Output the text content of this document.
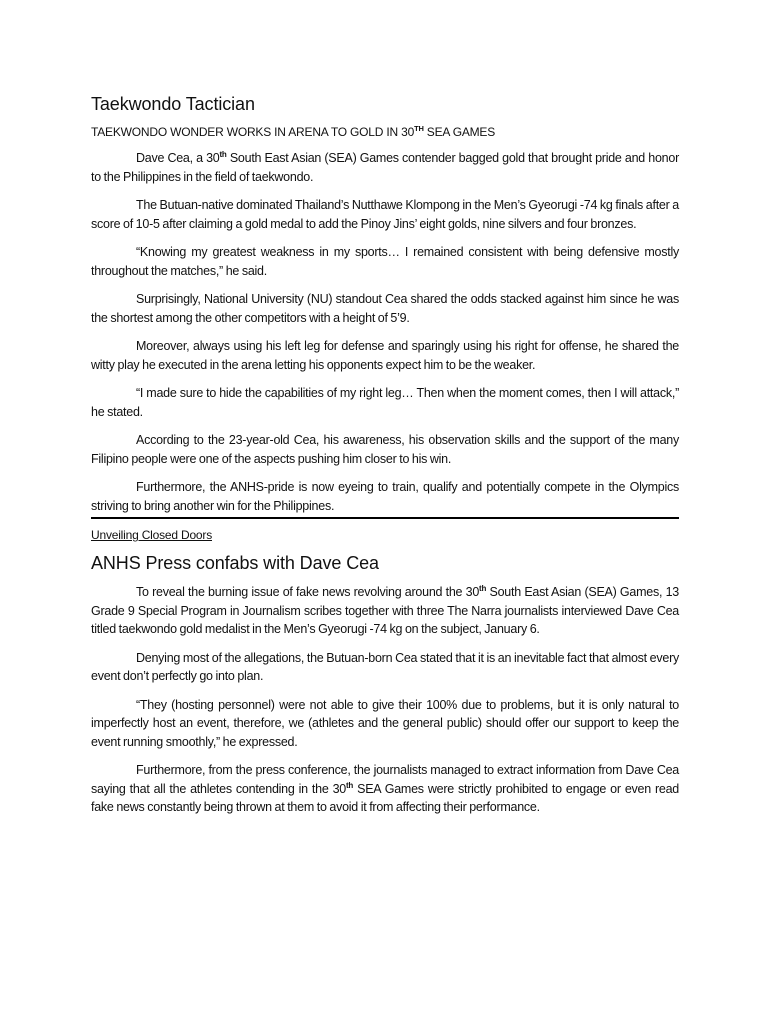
Taekwondo Tactician

TAEKWONDO WONDER WORKS IN ARENA TO GOLD IN 30TH SEA GAMES

Dave Cea, a 30th South East Asian (SEA) Games contender bagged gold that brought pride and honor to the Philippines in the field of taekwondo.

The Butuan-native dominated Thailand’s Nutthawe Klompong in the Men’s Gyeorugi -74 kg finals after a score of 10-5 after claiming a gold medal to add the Pinoy Jins’ eight golds, nine silvers and four bronzes.

“Knowing my greatest weakness in my sports… I remained consistent with being defensive mostly throughout the matches,” he said.

Surprisingly, National University (NU) standout Cea shared the odds stacked against him since he was the shortest among the other competitors with a height of 5’9.

Moreover, always using his left leg for defense and sparingly using his right for offense, he shared the witty play he executed in the arena letting his opponents expect him to be the weaker.

“I made sure to hide the capabilities of my right leg… Then when the moment comes, then I will attack,” he stated.

According to the 23-year-old Cea, his awareness, his observation skills and the support of the many Filipino people were one of the aspects pushing him closer to his win.

Furthermore, the ANHS-pride is now eyeing to train, qualify and potentially compete in the Olympics striving to bring another win for the Philippines.

Unveiling Closed Doors

ANHS Press confabs with Dave Cea

To reveal the burning issue of fake news revolving around the 30th South East Asian (SEA) Games, 13 Grade 9 Special Program in Journalism scribes together with three The Narra journalists interviewed Dave Cea titled taekwondo gold medalist in the Men’s Gyeorugi -74 kg on the subject, January 6.

Denying most of the allegations, the Butuan-born Cea stated that it is an inevitable fact that almost every event don’t perfectly go into plan.

“They (hosting personnel) were not able to give their 100% due to problems, but it is only natural to imperfectly host an event, therefore, we (athletes and the general public) should offer our support to keep the event running smoothly,” he expressed.

Furthermore, from the press conference, the journalists managed to extract information from Dave Cea saying that all the athletes contending in the 30th SEA Games were strictly prohibited to engage or even read fake news constantly being thrown at them to avoid it from affecting their performance.
